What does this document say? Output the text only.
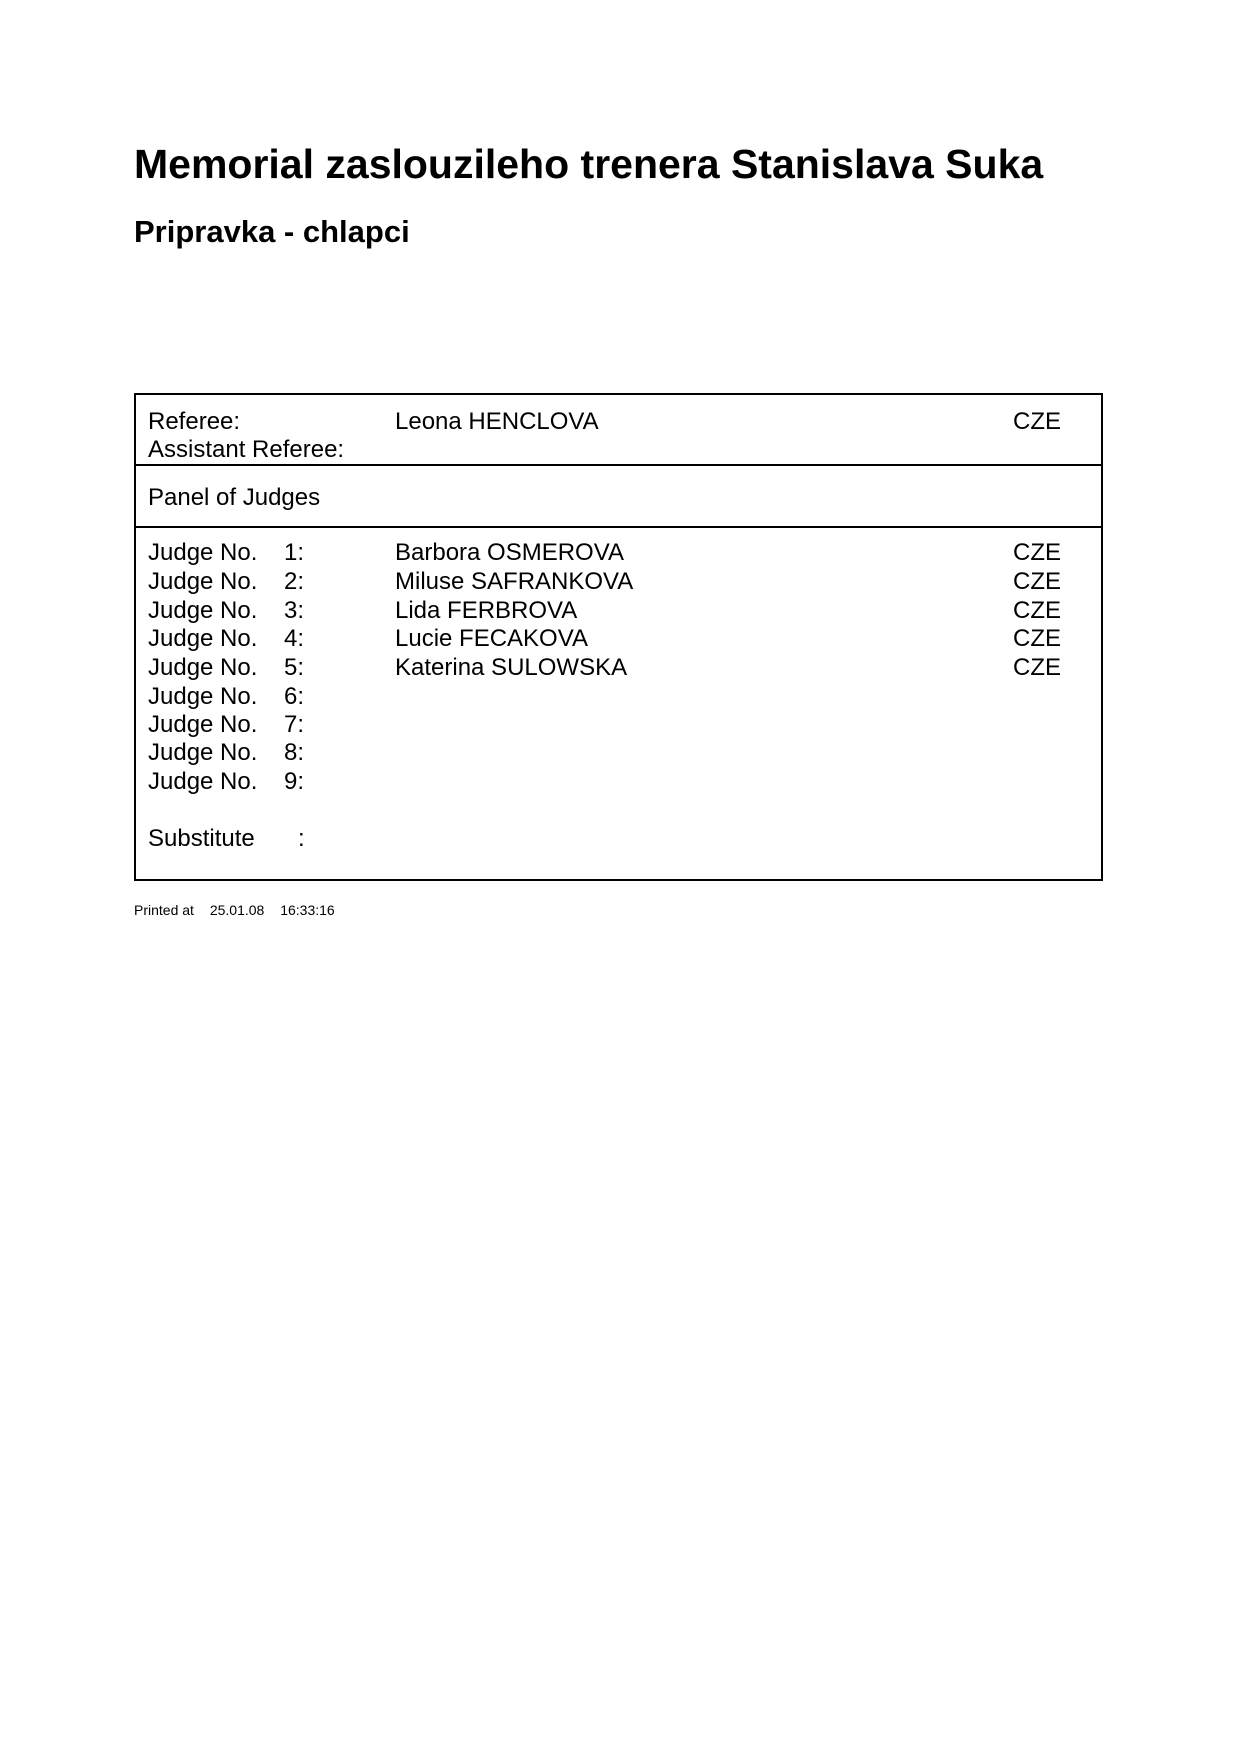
Memorial zaslouzileho trenera Stanislava Suka
Pripravka - chlapci
Referee:	Leona HENCLOVA	CZE
Assistant Referee:
Panel of Judges
Judge No. 1:	Barbora OSMEROVA	CZE
Judge No. 2:	Miluse SAFRANKOVA	CZE
Judge No. 3:	Lida FERBROVA	CZE
Judge No. 4:	Lucie FECAKOVA	CZE
Judge No. 5:	Katerina SULOWSKA	CZE
Judge No. 6:
Judge No. 7:
Judge No. 8:
Judge No. 9:
Substitute :
Printed at 25.01.08 16:33:16
